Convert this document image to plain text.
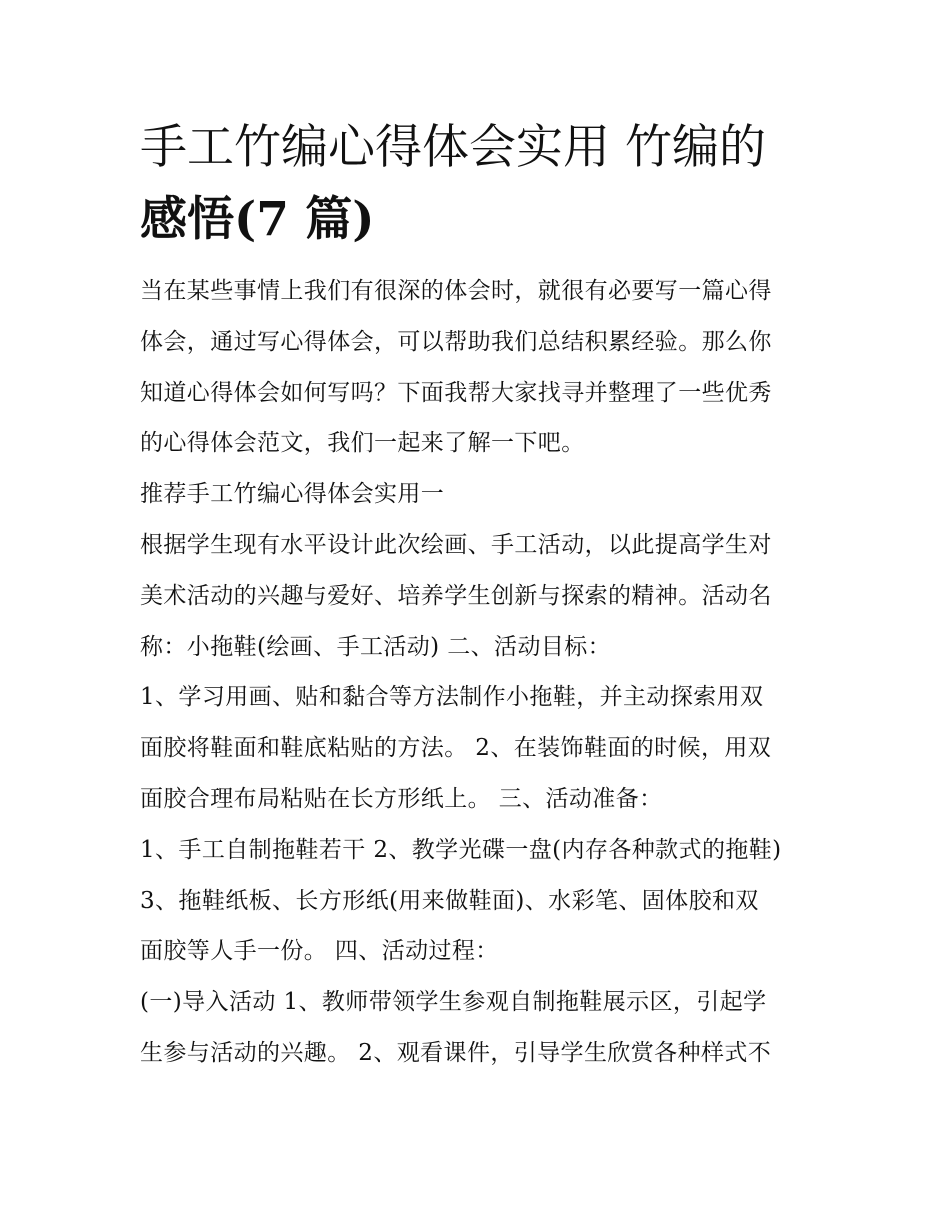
手工竹编心得体会实用 竹编的
感悟(7 篇)
当在某些事情上我们有很深的体会时，就很有必要写一篇心得
体会，通过写心得体会，可以帮助我们总结积累经验。那么你
知道心得体会如何写吗？下面我帮大家找寻并整理了一些优秀
的心得体会范文，我们一起来了解一下吧。
推荐手工竹编心得体会实用一
根据学生现有水平设计此次绘画、手工活动，以此提高学生对
美术活动的兴趣与爱好、培养学生创新与探索的精神。活动名
称：小拖鞋(绘画、手工活动) 二、活动目标：
1、学习用画、贴和黏合等方法制作小拖鞋，并主动探索用双
面胶将鞋面和鞋底粘贴的方法。 2、在装饰鞋面的时候，用双
面胶合理布局粘贴在长方形纸上。 三、活动准备：
1、手工自制拖鞋若干 2、教学光碟一盘(内存各种款式的拖鞋)
3、拖鞋纸板、长方形纸(用来做鞋面)、水彩笔、固体胶和双
面胶等人手一份。 四、活动过程：
(一)导入活动 1、教师带领学生参观自制拖鞋展示区，引起学
生参与活动的兴趣。 2、观看课件，引导学生欣赏各种样式不
